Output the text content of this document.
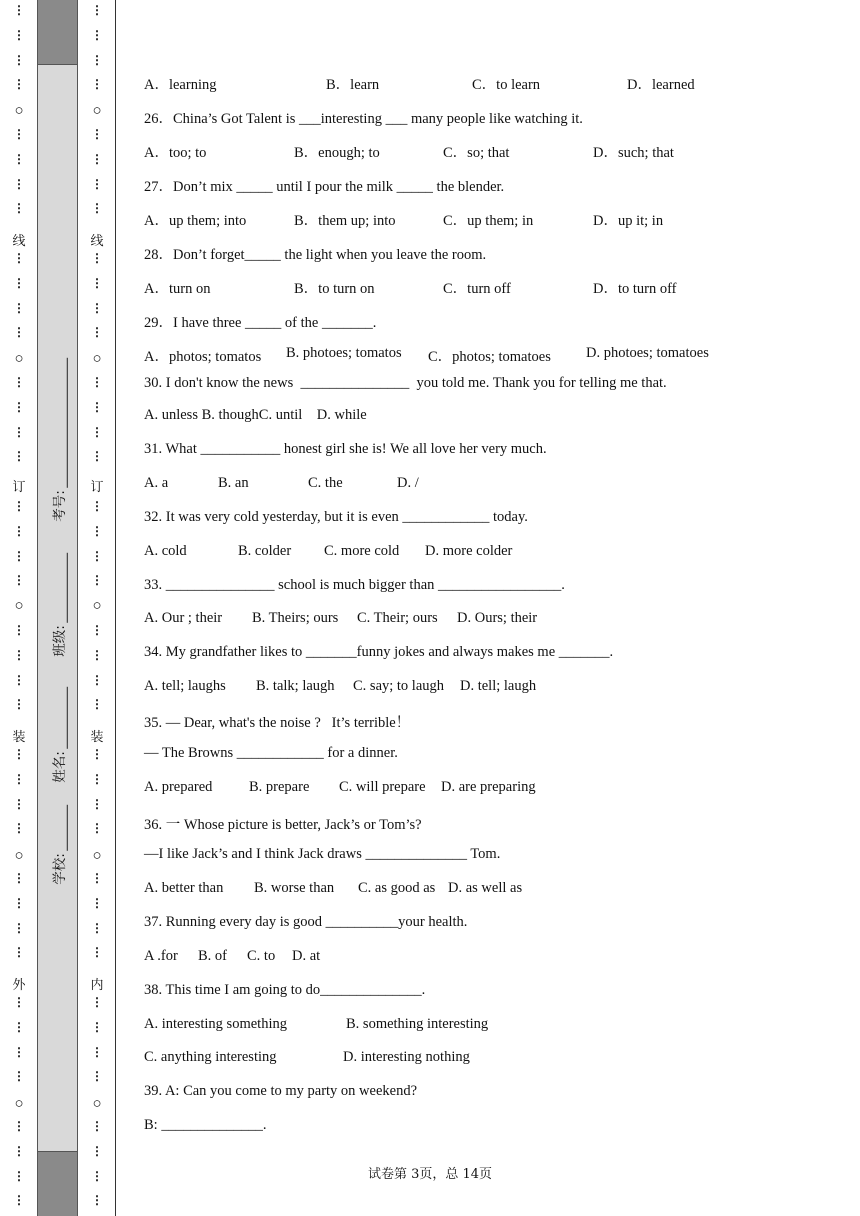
外
装
订
线
○
○
○
○
○
⋮
⋮
⋮
⋮
⋮
⋮
⋮
⋮
⋮
⋮
⋮
⋮
⋮
⋮
⋮
⋮
⋮
⋮
⋮
⋮
⋮
⋮
⋮
⋮
⋮
⋮
⋮
⋮
⋮
⋮
⋮
⋮
⋮
⋮
⋮
⋮
⋮
⋮
⋮
⋮
内
装
订
线
○
○
○
○
○
⋮
⋮
⋮
⋮
⋮
⋮
⋮
⋮
⋮
⋮
⋮
⋮
⋮
⋮
⋮
⋮
⋮
⋮
⋮
⋮
⋮
⋮
⋮
⋮
⋮
⋮
⋮
⋮
⋮
⋮
⋮
⋮
⋮
⋮
⋮
⋮
⋮
⋮
⋮
⋮
学校:
姓名:
班级:
考号:
A．learning	B．learn	C．to learn	D．learned
26．China’s Got Talent is ___interesting ___ many people like watching it.
A．too; to	B．enough; to	C．so; that	D．such; that
27．Don’t mix _____ until I pour the milk _____ the blender.
A．up them; into	B．them up; into	C．up them; in	D．up it; in
28．Don’t forget_____ the light when you leave the room.
A．turn on	B．to turn on	C．turn off	D．to turn off
29．I have three _____ of the _______.
A．photos; tomatos B. photoes; tomatos C．photos; tomatoes D. photoes; tomatoes
30. I don't know the news  _______________  you told me. Thank you for telling me that.
A. unless B. thoughC. until    D. while
31. What ___________ honest girl she is! We all love her very much.
A. a	B. an	C. the	D. /
32. It was very cold yesterday, but it is even ____________ today.
A. cold	B. colder C. more cold D. more colder
33. _______________ school is much bigger than _________________.
A. Our ; their B. Theirs; ours C. Their; ours D. Ours; their
34. My grandfather likes to _______funny jokes and always makes me _______.
A. tell; laughs B. talk; laugh C. say; to laugh D. tell; laugh
35. — Dear, what's the noise ?   It’s terrible！
— The Browns ____________ for a dinner.
A. prepared	B. prepare C. will prepare D. are preparing
36. 一 Whose picture is better, Jack’s or Tom’s?
—I like Jack’s and I think Jack draws ______________ Tom.
A. better than B. worse than C. as good as D. as well as
37. Running every day is good __________your health.
A .for B. of C. to D. at
38. This time I am going to do______________.
A. interesting something	B. something interesting
C. anything interesting	D. interesting nothing
39. A: Can you come to my party on weekend?
B: ______________.
试卷第 3页，总 14页
